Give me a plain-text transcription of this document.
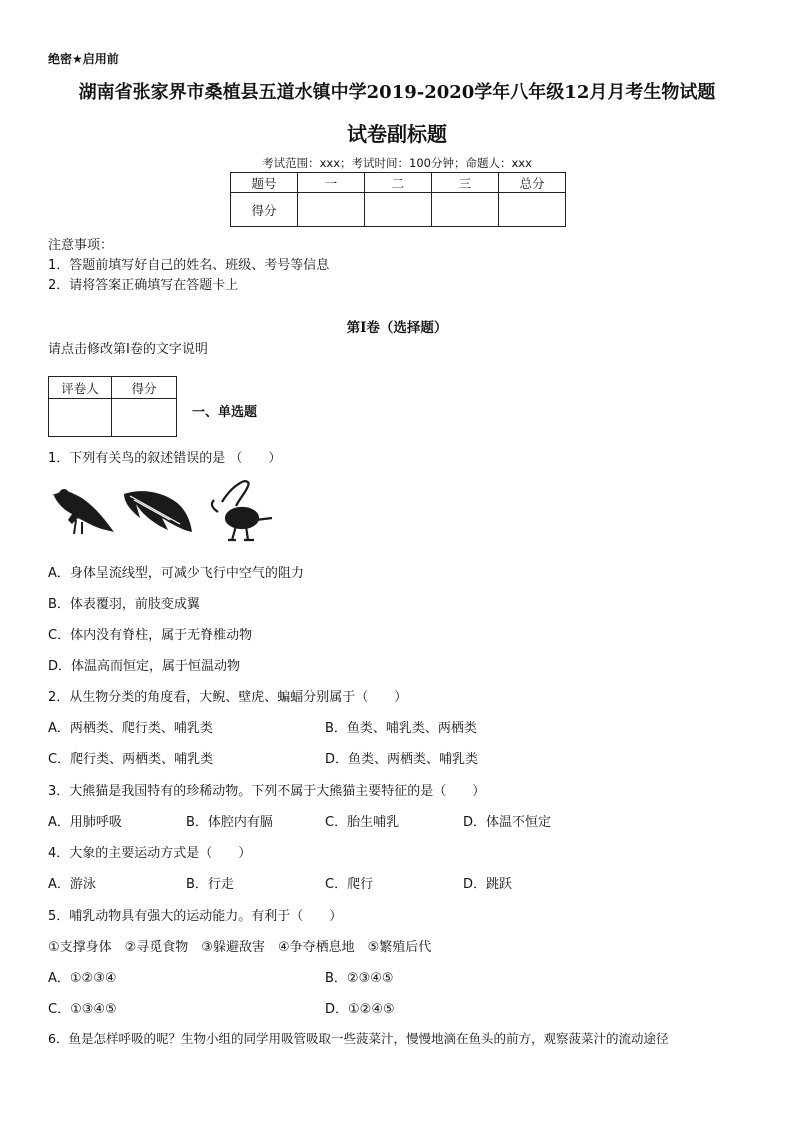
绝密★启用前
湖南省张家界市桑植县五道水镇中学2019-2020学年八年级12月月考生物试题
试卷副标题
考试范围：xxx；考试时间：100分钟；命题人：xxx
题号	一	二	三	总分
得分				
注意事项：
1．答题前填写好自己的姓名、班级、考号等信息
2．请将答案正确填写在答题卡上
第I卷（选择题）
请点击修改第I卷的文字说明
评卷人	得分

一、单选题
1．下列有关鸟的叙述错误的是 （　　）
A．身体呈流线型，可减少飞行中空气的阻力
B．体表覆羽，前肢变成翼
C．体内没有脊柱，属于无脊椎动物
D．体温高而恒定，属于恒温动物
2．从生物分类的角度看，大鲵、壁虎、蝙蝠分别属于（　　）
A．两栖类、爬行类、哺乳类	B．鱼类、哺乳类、两栖类
C．爬行类、两栖类、哺乳类	D．鱼类、两栖类、哺乳类
3．大熊猫是我国特有的珍稀动物。下列不属于大熊猫主要特征的是（　　）
A．用肺呼吸	B．体腔内有膈	C．胎生哺乳	D．体温不恒定
4．大象的主要运动方式是（　　）
A．游泳	B．行走	C．爬行	D．跳跃
5．哺乳动物具有强大的运动能力。有利于（　　）
①支撑身体　②寻觅食物　③躲避敌害　④争夺栖息地　⑤繁殖后代
A．①②③④	B．②③④⑤
C．①③④⑤	D．①②④⑤
6．鱼是怎样呼吸的呢？生物小组的同学用吸管吸取一些菠菜汁，慢慢地滴在鱼头的前方，观察菠菜汁的流动途径
